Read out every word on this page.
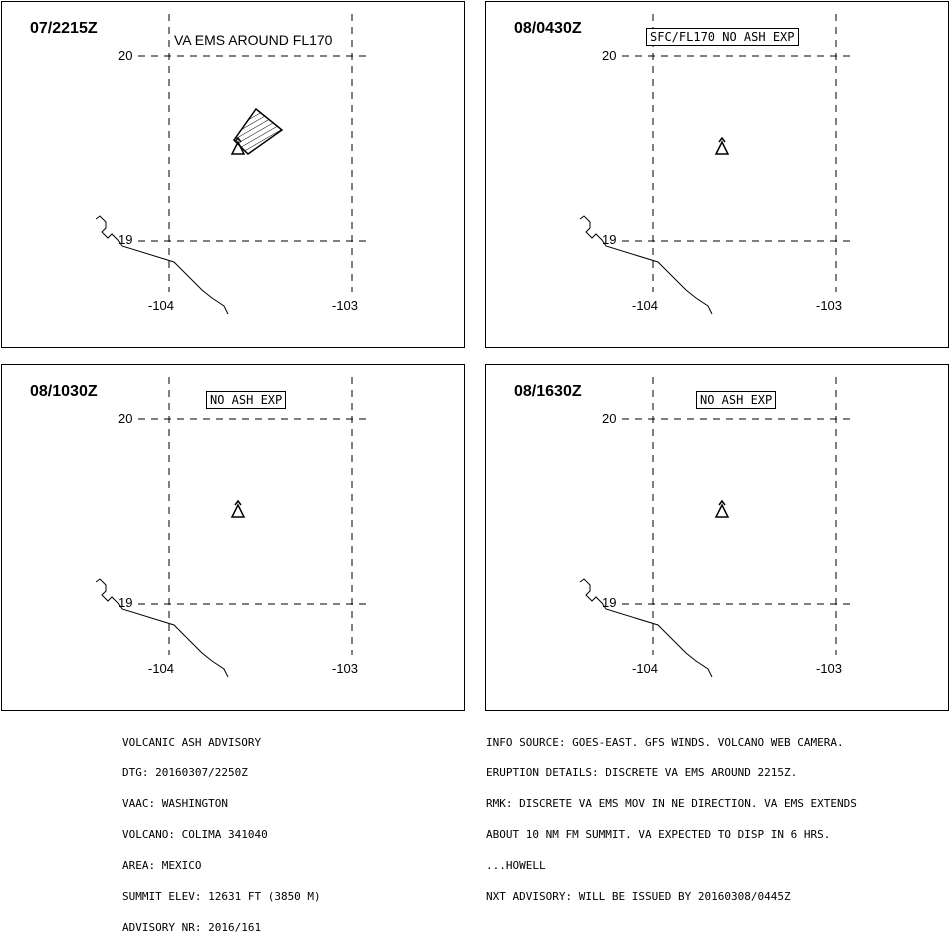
07/2215Z
VA EMS AROUND FL170
20
19
-104	-103
08/0430Z	SFC/FL170 NO ASH EXP
20
19
-104	-103
08/1030Z	NO ASH EXP
20
19
-104	-103
08/1630Z	NO ASH EXP
20
19
-104	-103

VOLCANIC ASH ADVISORY

DTG: 20160307/2250Z

VAAC: WASHINGTON

VOLCANO: COLIMA 341040

AREA: MEXICO

SUMMIT ELEV: 12631 FT (3850 M)

ADVISORY NR: 2016/161

INFO SOURCE: GOES-EAST. GFS WINDS. VOLCANO WEB CAMERA.

ERUPTION DETAILS: DISCRETE VA EMS AROUND 2215Z.

RMK: DISCRETE VA EMS MOV IN NE DIRECTION. VA EMS EXTENDS

ABOUT 10 NM FM SUMMIT. VA EXPECTED TO DISP IN 6 HRS.

...HOWELL

NXT ADVISORY: WILL BE ISSUED BY 20160308/0445Z
